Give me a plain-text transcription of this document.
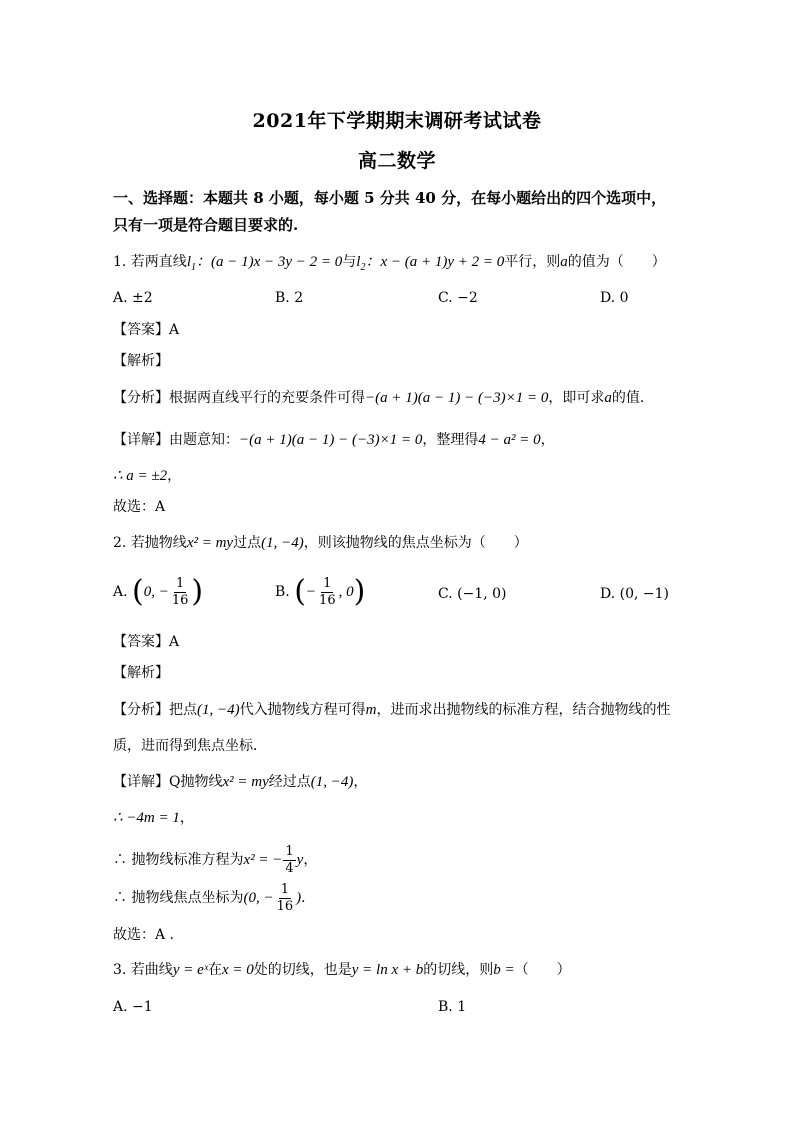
2021年下学期期末调研考试试卷
高二数学
一、选择题：本题共 8 小题，每小题 5 分共 40 分，在每小题给出的四个选项中，
只有一项是符合题目要求的.
1. 若两直线$l_1$：(a − 1)x − 3y − 2 = 0与$l_2$：x − (a + 1)y + 2 = 0平行，则a的值为（　　）
A. ±2	B. 2	C. −2	D. 0
【答案】A
【解析】
【分析】根据两直线平行的充要条件可得−(a + 1)(a − 1) − (−3)×1 = 0，即可求a的值.
【详解】由题意知：−(a + 1)(a − 1) − (−3)×1 = 0，整理得4 − a² = 0，
∴ a = ±2，
故选：A
2. 若抛物线x² = my过点(1, −4)，则该抛物线的焦点坐标为（　　）
A. (0, − $\frac{1}{16}$ )	B. (− $\frac{1}{16}$ , 0)	C. (−1, 0)	D. (0, −1)
【答案】A
【解析】
【分析】把点(1, −4)代入抛物线方程可得m，进而求出抛物线的标准方程，结合抛物线的性
质，进而得到焦点坐标．
【详解】Q抛物线x² = my经过点(1, −4)，
∴ −4m = 1，
∴ 抛物线标准方程为x² = − $\frac{1}{4}$ y，
∴ 抛物线焦点坐标为(0, − $\frac{1}{16}$ )．
故选：A .
3. 若曲线y = eˣ在x = 0处的切线，也是y = ln x + b的切线，则b =（　　）
A. −1	B. 1
